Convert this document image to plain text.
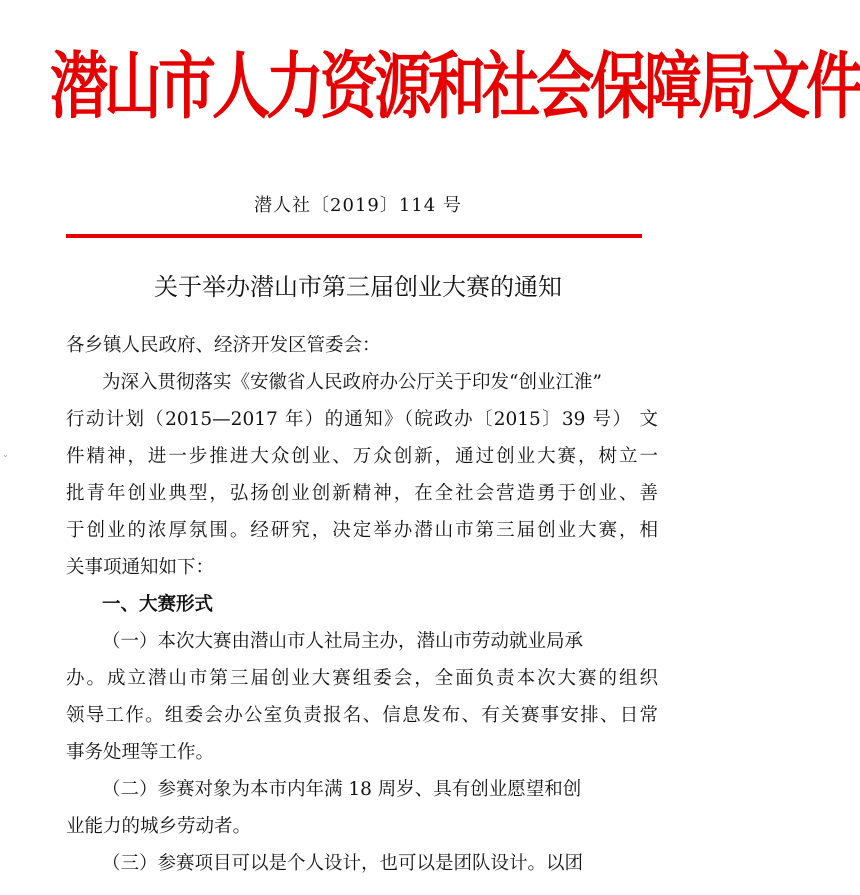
潜山市人力资源和社会保障局文件
潜人社〔2019〕114 号
关于举办潜山市第三届创业大赛的通知
各乡镇人民政府、经济开发区管委会：
为深入贯彻落实《安徽省人民政府办公厅关于印发“创业江淮”
行动计划（2015—2017 年）的通知》（皖政办〔2015〕39 号） 文
件精神，进一步推进大众创业、万众创新，通过创业大赛，树立一
批青年创业典型，弘扬创业创新精神，在全社会营造勇于创业、善
于创业的浓厚氛围。经研究，决定举办潜山市第三届创业大赛，相
关事项通知如下：
一、大赛形式
（一）本次大赛由潜山市人社局主办，潜山市劳动就业局承
办。成立潜山市第三届创业大赛组委会，全面负责本次大赛的组织
领导工作。组委会办公室负责报名、信息发布、有关赛事安排、日常
事务处理等工作。
（二）参赛对象为本市内年满 18 周岁、具有创业愿望和创
业能力的城乡劳动者。
（三）参赛项目可以是个人设计，也可以是团队设计。以团
⌄
